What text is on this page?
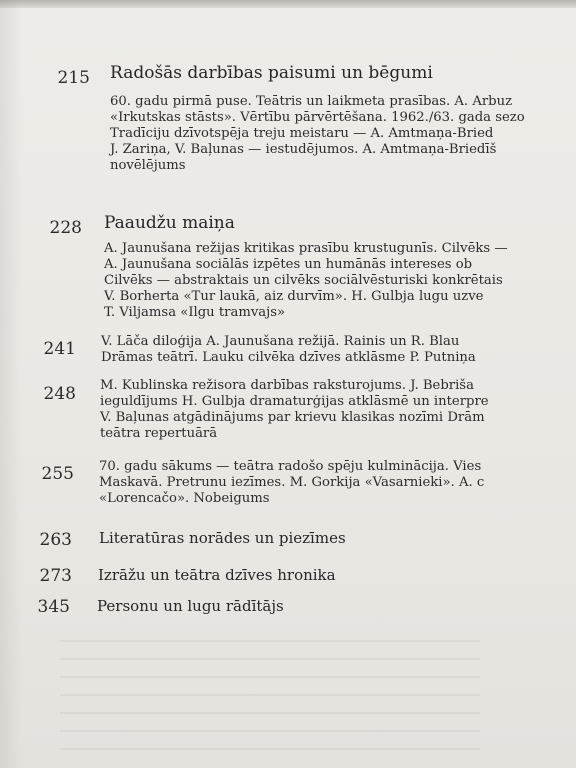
215 Radošās darbības paisumi un bēgumi
60. gadu pirmā puse. Teātris un laikmeta prasības. A. Arbuz
«Irkutskas stāsts». Vērtību pārvērtēšana. 1962./63. gada sezo
Tradīciju dzīvotspēja treju meistaru — A. Amtmaņa-Bried
J. Zariņa, V. Baļunas — iestudējumos. A. Amtmaņa-Briedīš
novēlējums
228 Paaudžu maiņa
A. Jaunušana režijas kritikas prasību krustugunīs. Cilvēks —
A. Jaunušana sociālās izpētes un humānās intereses ob
Cilvēks — abstraktais un cilvēks sociālvēsturiski konkrētais
V. Borherta «Tur laukā, aiz durvīm». H. Gulbja lugu uzve
T. Viljamsa «Ilgu tramvajs»
241 V. Lāča diloģija A. Jaunušana režijā. Rainis un R. Blau
Drāmas teātrī. Lauku cilvēka dzīves atklāsme P. Putniņa
248 M. Kublinska režisora darbības raksturojums. J. Bebriša
ieguldījums H. Gulbja dramaturģijas atklāsmē un interpre
V. Baļunas atgādinājums par krievu klasikas nozīmi Drām
teātra repertuārā
255 70. gadu sākums — teātra radošo spēju kulminācija. Vies
Maskavā. Pretrunu iezīmes. M. Gorkija «Vasarnieki». A. c
«Lorencačo». Nobeigums
263 Literatūras norādes un piezīmes
273 Izrāžu un teātra dzīves hronika
345 Personu un lugu rādītājs
